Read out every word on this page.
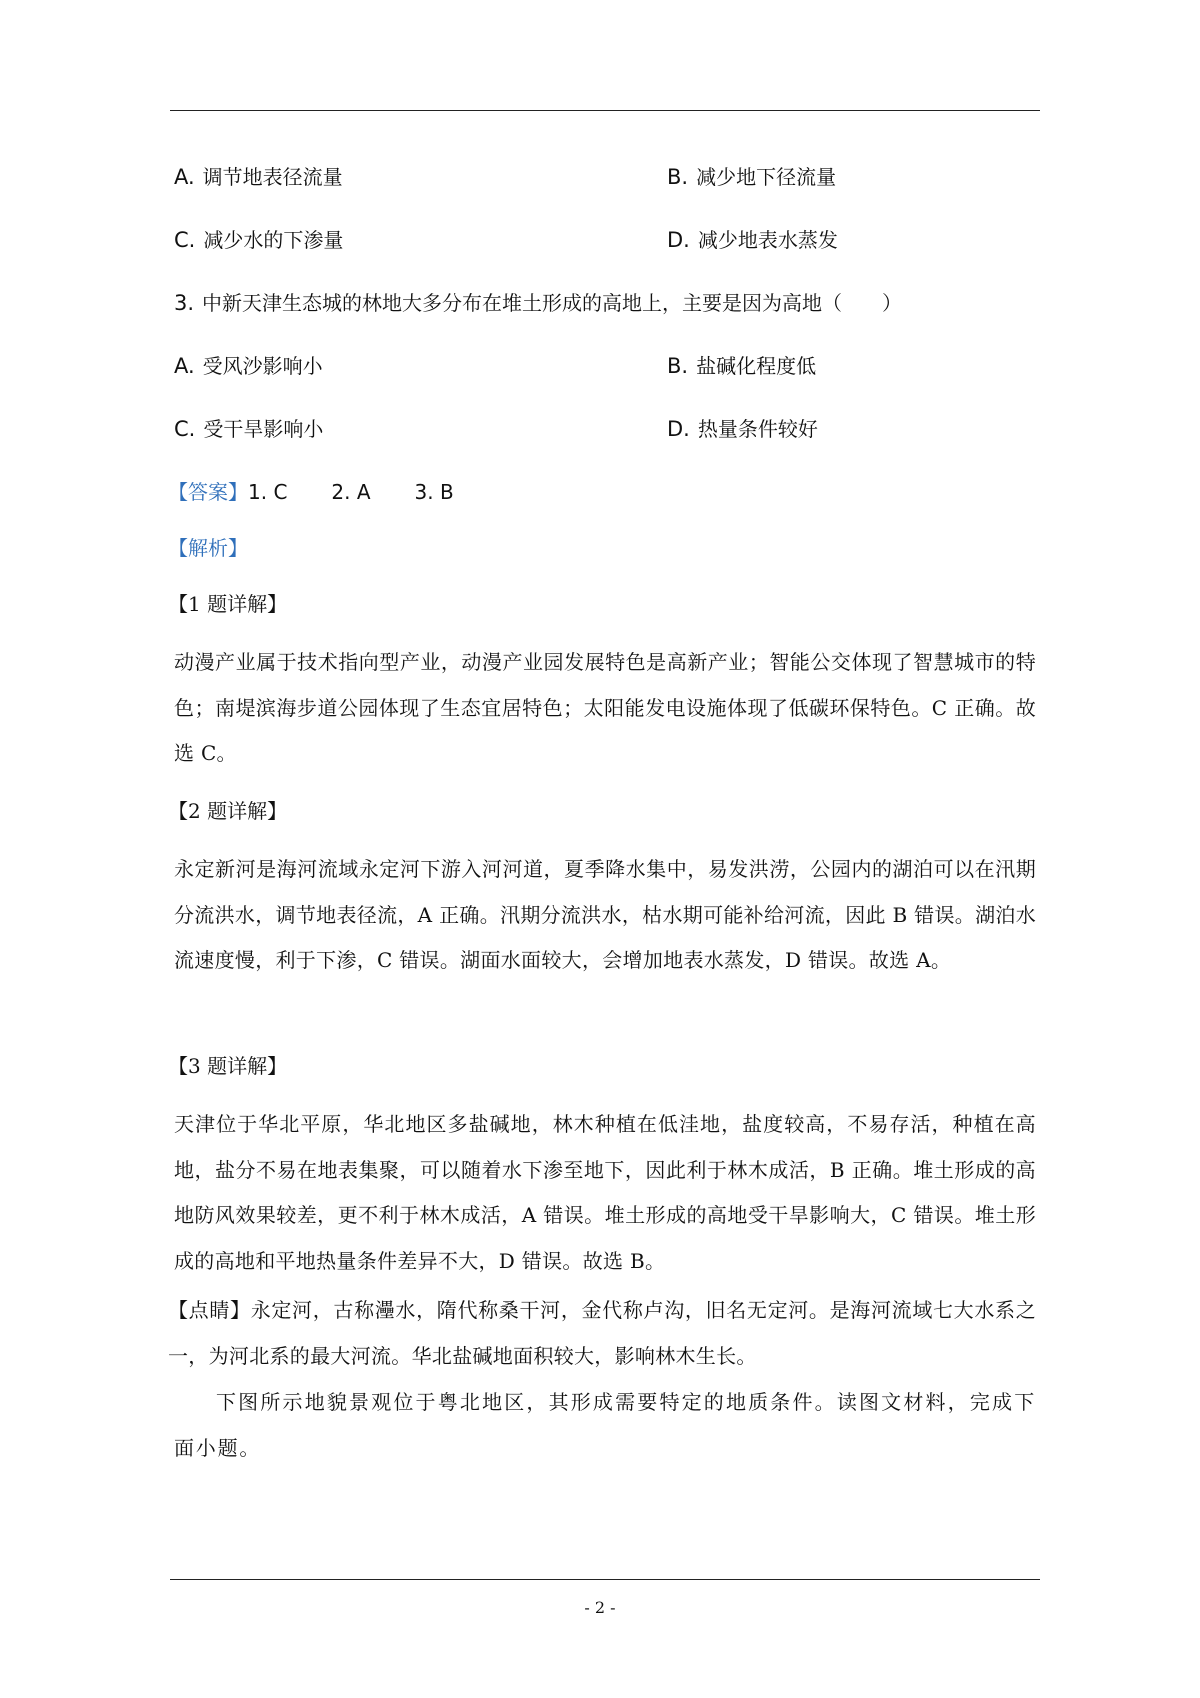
A. 调节地表径流量	B. 减少地下径流量
C. 减少水的下渗量	D. 减少地表水蒸发
3. 中新天津生态城的林地大多分布在堆土形成的高地上，主要是因为高地（　　）
A. 受风沙影响小	B. 盐碱化程度低
C. 受干旱影响小	D. 热量条件较好
【答案】1. C 2. A 3. B
【解析】
【1 题详解】
动漫产业属于技术指向型产业，动漫产业园发展特色是高新产业；智能公交体现了智慧城市的特色；南堤滨海步道公园体现了生态宜居特色；太阳能发电设施体现了低碳环保特色。C 正确。故选 C。
【2 题详解】
永定新河是海河流域永定河下游入河河道，夏季降水集中，易发洪涝，公园内的湖泊可以在汛期分流洪水，调节地表径流，A 正确。汛期分流洪水，枯水期可能补给河流，因此 B 错误。湖泊水流速度慢，利于下渗，C 错误。湖面水面较大，会增加地表水蒸发，D 错误。故选 A。
【3 题详解】
天津位于华北平原，华北地区多盐碱地，林木种植在低洼地，盐度较高，不易存活，种植在高地，盐分不易在地表集聚，可以随着水下渗至地下，因此利于林木成活，B 正确。堆土形成的高地防风效果较差，更不利于林木成活，A 错误。堆土形成的高地受干旱影响大，C 错误。堆土形成的高地和平地热量条件差异不大，D 错误。故选 B。
【点睛】永定河，古称灅水，隋代称桑干河，金代称卢沟，旧名无定河。是海河流域七大水系之一，为河北系的最大河流。华北盐碱地面积较大，影响林木生长。
下图所示地貌景观位于粤北地区，其形成需要特定的地质条件。读图文材料，完成下面小题。
- 2 -
